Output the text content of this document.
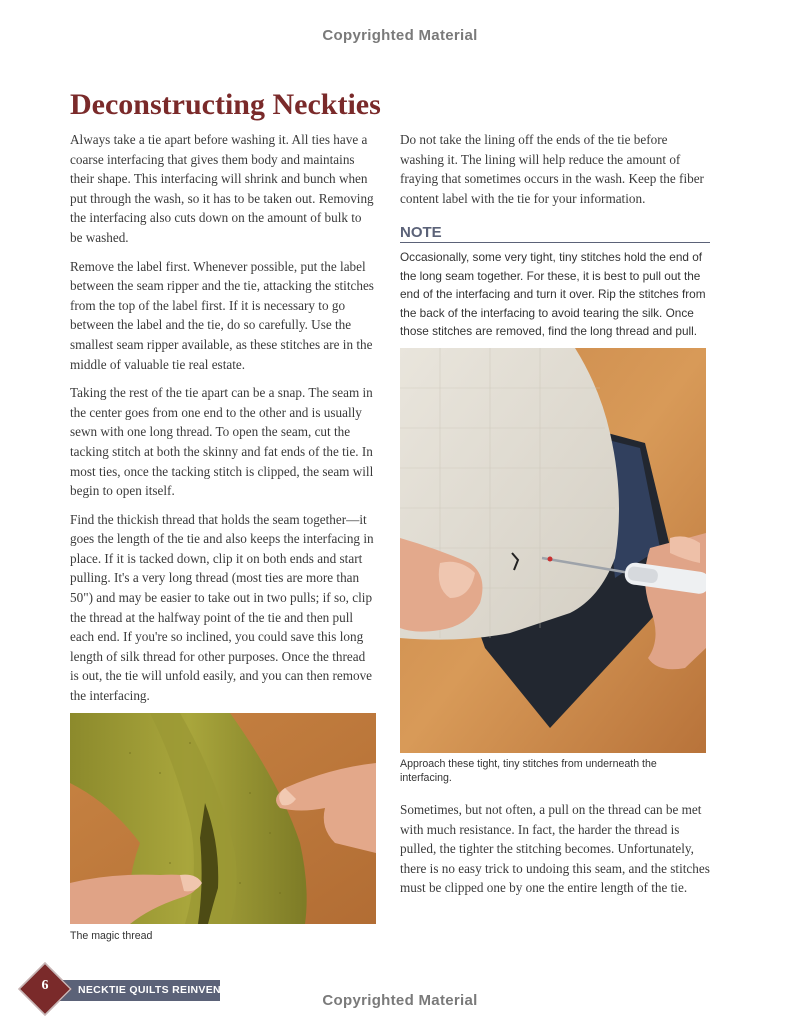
Copyrighted Material
Deconstructing Neckties

Always take a tie apart before washing it. All ties have a coarse interfacing that gives them body and maintains their shape. This interfacing will shrink and bunch when put through the wash, so it has to be taken out. Removing the interfacing also cuts down on the amount of bulk to be washed.

Remove the label first. Whenever possible, put the label between the seam ripper and the tie, attacking the stitches from the top of the label first. If it is necessary to go between the label and the tie, do so carefully. Use the smallest seam ripper available, as these stitches are in the middle of valuable tie real estate.

Taking the rest of the tie apart can be a snap. The seam in the center goes from one end to the other and is usually sewn with one long thread. To open the seam, cut the tacking stitch at both the skinny and fat ends of the tie. In most ties, once the tacking stitch is clipped, the seam will begin to open itself.

Find the thickish thread that holds the seam together—it goes the length of the tie and also keeps the interfacing in place. If it is tacked down, clip it on both ends and start pulling. It's a very long thread (most ties are more than 50") and may be easier to take out in two pulls; if so, clip the thread at the halfway point of the tie and then pull each end. If you're so inclined, you could save this long length of silk thread for other purposes. Once the thread is out, the tie will unfold easily, and you can then remove the interfacing.

Do not take the lining off the ends of the tie before washing it. The lining will help reduce the amount of fraying that sometimes occurs in the wash. Keep the fiber content label with the tie for your information.

NOTE

Occasionally, some very tight, tiny stitches hold the end of the long seam together. For these, it is best to pull out the end of the interfacing and turn it over. Rip the stitches from the back of the interfacing to avoid tearing the silk. Once those stitches are removed, find the long thread and pull.

Approach these tight, tiny stitches from underneath the interfacing.

Sometimes, but not often, a pull on the thread can be met with much resistance. In fact, the harder the thread is pulled, the tighter the stitching becomes. Unfortunately, there is no easy trick to undoing this seam, and the stitches must be clipped one by one the entire length of the tie.

The magic thread

NECKTIE QUILTS REINVENTED
6
Copyrighted Material
